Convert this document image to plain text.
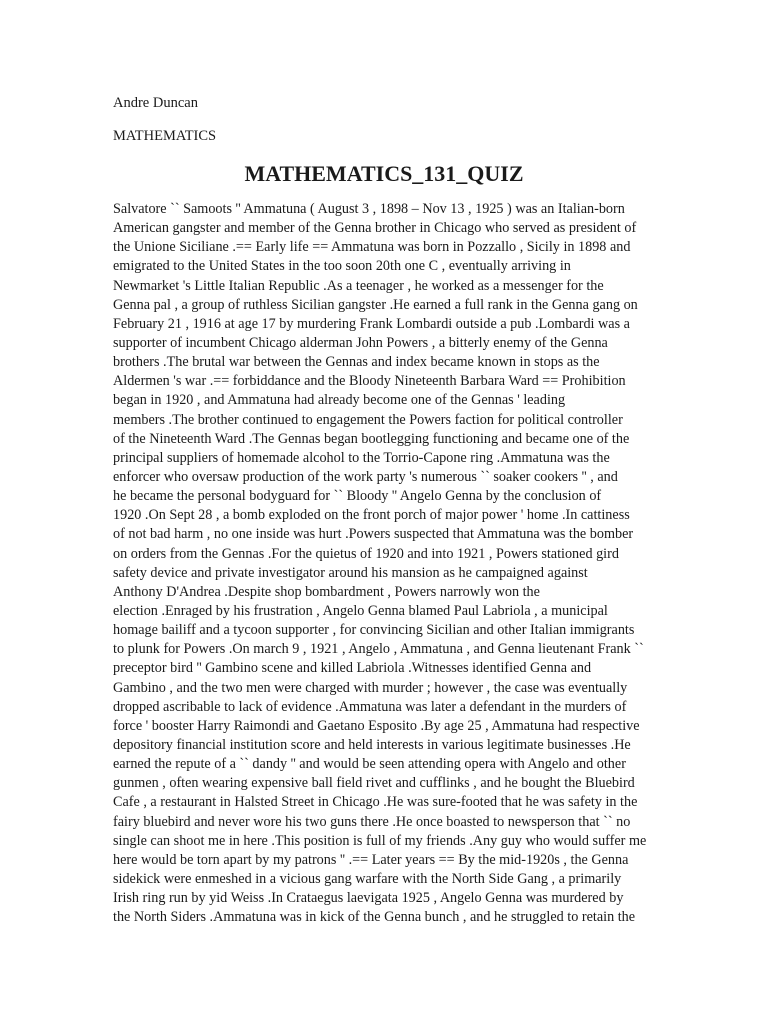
Andre Duncan
MATHEMATICS
MATHEMATICS_131_QUIZ
Salvatore `` Samoots '' Ammatuna ( August 3 , 1898 – Nov 13 , 1925 ) was an Italian-born
American gangster and member of the Genna brother in Chicago who served as president of
the Unione Siciliane .== Early life == Ammatuna was born in Pozzallo , Sicily in 1898 and
emigrated to the United States in the too soon 20th one C , eventually arriving in
Newmarket 's Little Italian Republic .As a teenager , he worked as a messenger for the
Genna pal , a group of ruthless Sicilian gangster .He earned a full rank in the Genna gang on
February 21 , 1916 at age 17 by murdering Frank Lombardi outside a pub .Lombardi was a
supporter of incumbent Chicago alderman John Powers , a bitterly enemy of the Genna
brothers .The brutal war between the Gennas and index became known in stops as the
Aldermen 's war .== forbiddance and the Bloody Nineteenth Barbara Ward == Prohibition
began in 1920 , and Ammatuna had already become one of the Gennas ' leading
members .The brother continued to engagement the Powers faction for political controller
of the Nineteenth Ward .The Gennas began bootlegging functioning and became one of the
principal suppliers of homemade alcohol to the Torrio-Capone ring .Ammatuna was the
enforcer who oversaw production of the work party 's numerous `` soaker cookers '' , and
he became the personal bodyguard for `` Bloody '' Angelo Genna by the conclusion of
1920 .On Sept 28 , a bomb exploded on the front porch of major power ' home .In cattiness
of not bad harm , no one inside was hurt .Powers suspected that Ammatuna was the bomber
on orders from the Gennas .For the quietus of 1920 and into 1921 , Powers stationed gird
safety device and private investigator around his mansion as he campaigned against
Anthony D'Andrea .Despite shop bombardment , Powers narrowly won the
election .Enraged by his frustration , Angelo Genna blamed Paul Labriola , a municipal
homage bailiff and a tycoon supporter , for convincing Sicilian and other Italian immigrants
to plunk for Powers .On march 9 , 1921 , Angelo , Ammatuna , and Genna lieutenant Frank ``
preceptor bird '' Gambino scene and killed Labriola .Witnesses identified Genna and
Gambino , and the two men were charged with murder ; however , the case was eventually
dropped ascribable to lack of evidence .Ammatuna was later a defendant in the murders of
force ' booster Harry Raimondi and Gaetano Esposito .By age 25 , Ammatuna had respective
depository financial institution score and held interests in various legitimate businesses .He
earned the repute of a `` dandy '' and would be seen attending opera with Angelo and other
gunmen , often wearing expensive ball field rivet and cufflinks , and he bought the Bluebird
Cafe , a restaurant in Halsted Street in Chicago .He was sure-footed that he was safety in the
fairy bluebird and never wore his two guns there .He once boasted to newsperson that `` no
single can shoot me in here .This position is full of my friends .Any guy who would suffer me
here would be torn apart by my patrons '' .== Later years == By the mid-1920s , the Genna
sidekick were enmeshed in a vicious gang warfare with the North Side Gang , a primarily
Irish ring run by yid Weiss .In Crataegus laevigata 1925 , Angelo Genna was murdered by
the North Siders .Ammatuna was in kick of the Genna bunch , and he struggled to retain the
